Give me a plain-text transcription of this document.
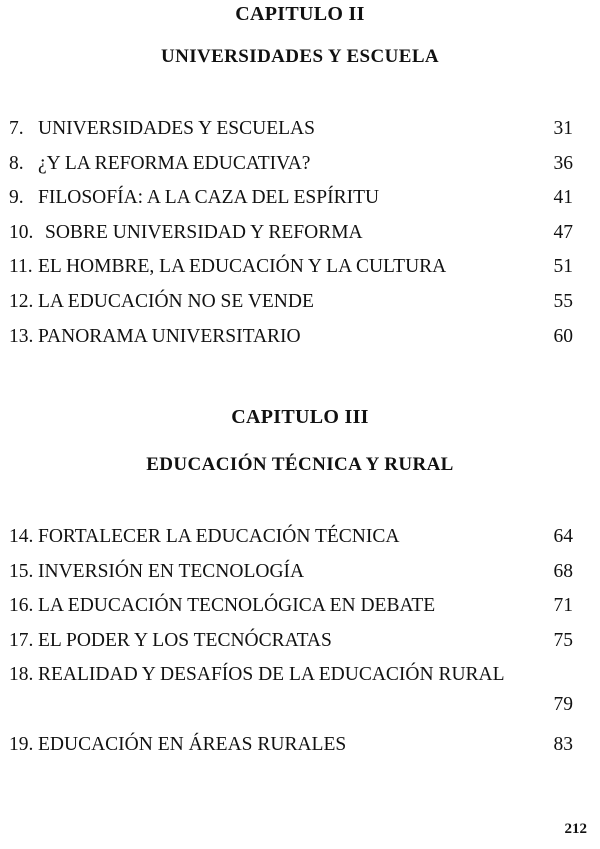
CAPITULO II
UNIVERSIDADES Y ESCUELA
7. UNIVERSIDADES Y ESCUELAS	31
8. ¿Y LA REFORMA EDUCATIVA?	36
9. FILOSOFÍA: A LA CAZA DEL ESPÍRITU	41
10. SOBRE UNIVERSIDAD Y REFORMA	47
11. EL HOMBRE, LA EDUCACIÓN Y LA CULTURA	51
12. LA EDUCACIÓN NO SE VENDE	55
13. PANORAMA UNIVERSITARIO	60
CAPITULO III
EDUCACIÓN TÉCNICA Y RURAL
14. FORTALECER LA EDUCACIÓN TÉCNICA	64
15. INVERSIÓN EN TECNOLOGÍA	68
16. LA EDUCACIÓN TECNOLÓGICA EN DEBATE	71
17. EL PODER Y LOS TECNÓCRATAS	75
18. REALIDAD Y DESAFÍOS DE LA EDUCACIÓN RURAL
79
19. EDUCACIÓN EN ÁREAS RURALES	83
212
